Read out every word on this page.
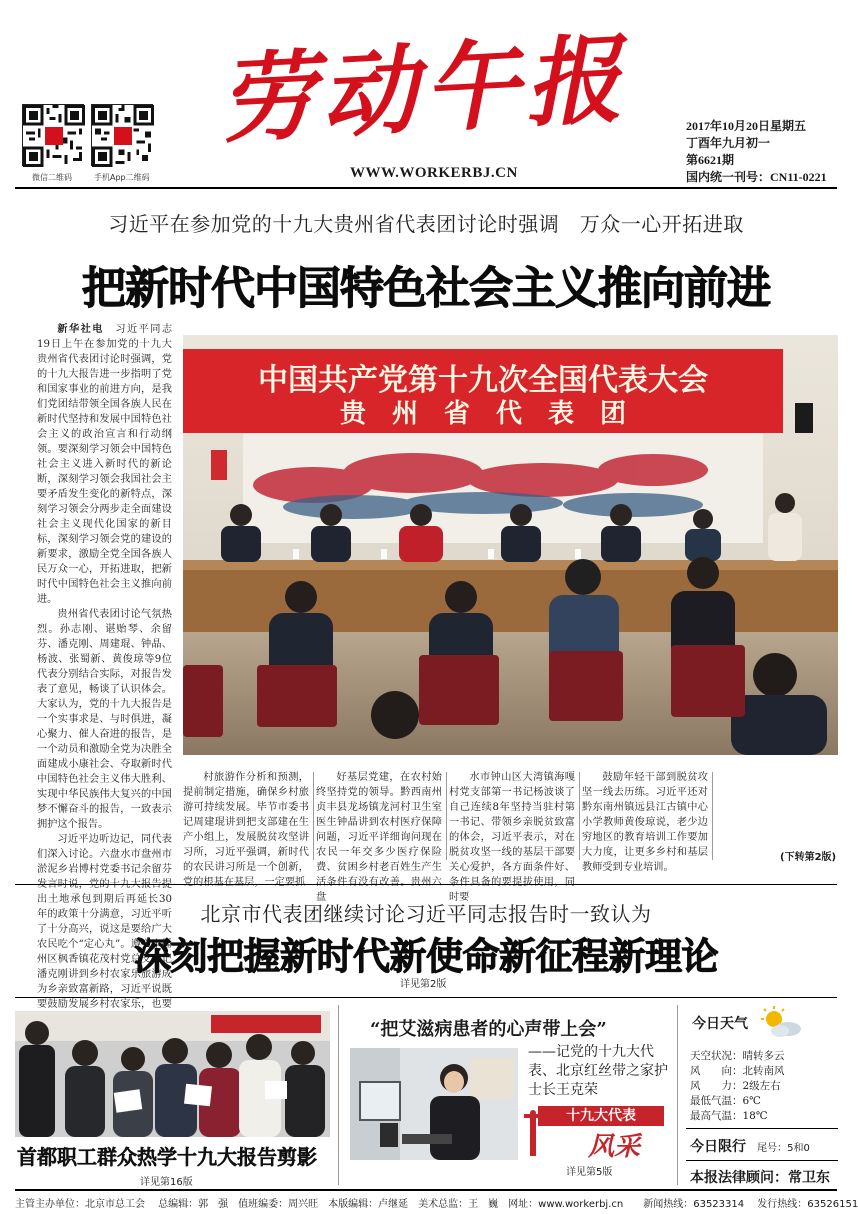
微信二维码	手机App二维码
劳动午报
WWW.WORKERBJ.CN
2017年10月20日星期五
丁酉年九月初一
第6621期
国内统一刊号：CN11-0221
习近平在参加党的十九大贵州省代表团讨论时强调　万众一心开拓进取
把新时代中国特色社会主义推向前进

新华社电　 习近平同志19日上午在参加党的十九大贵州省代表团讨论时强调，党的十九大报告进一步指明了党和国家事业的前进方向，是我们党团结带领全国各族人民在新时代坚持和发展中国特色社会主义的政治宣言和行动纲领。要深刻学习领会中国特色社会主义进入新时代的新论断，深刻学习领会我国社会主要矛盾发生变化的新特点，深刻学习领会分两步走全面建设社会主义现代化国家的新目标，深刻学习领会党的建设的新要求，激励全党全国各族人民万众一心，开拓进取，把新时代中国特色社会主义推向前进。

贵州省代表团讨论气氛热烈。孙志刚、谌贻琴、余留芬、潘克刚、周建琨、钟晶、杨波、张蜀新、黄俊琼等9位代表分别结合实际，对报告发表了意见，畅谈了认识体会。大家认为，党的十九大报告是一个实事求是、与时俱进，凝心聚力、催人奋进的报告，是一个动员和激励全党为决胜全面建成小康社会、夺取新时代中国特色社会主义伟大胜利、实现中华民族伟大复兴的中国梦不懈奋斗的报告，一致表示拥护这个报告。

习近平边听边记，同代表们深入讨论。六盘水市盘州市淤泥乡岩博村党委书记余留芬发言时说，党的十九大报告提出土地承包到期后再延长30年的政策十分满意，习近平听了十分高兴，说这是要给广大农民吃个“定心丸”。遵义市播州区枫香镇花茂村党总支书记潘克刚讲到乡村农家乐旅游成为乡亲致富新路，习近平说既要鼓励发展乡村农家乐，也要

中国共产党第十九次全国代表大会
贵　州　省　代　表　团

村旅游作分析和预测，提前制定措施，确保乡村旅游可持续发展。毕节市委书记周建琨讲到把支部建在生产小组上，发展脱贫攻坚讲习所，习近平强调，新时代的农民讲习所是一个创新，党的根基在基层，一定要抓

好基层党建，在农村始终坚持党的领导。黔西南州贞丰县龙场镇龙河村卫生室医生钟晶讲到农村医疗保障问题，习近平详细询问现在农民一年交多少医疗保险费、贫困乡村老百姓生产生活条件有没有改善。贵州六盘

水市钟山区大湾镇海嘎村党支部第一书记杨波谈了自己连续8年坚持当驻村第一书记、带领乡亲脱贫致富的体会，习近平表示，对在脱贫攻坚一线的基层干部要关心爱护，各方面条件好、条件具备的要提拔使用，同时要

鼓励年轻干部到脱贫攻坚一线去历练。习近平还对黔东南州镇远县江古镇中心小学教师黄俊琼说，老少边穷地区的教育培训工作要加大力度，让更多乡村和基层教师受到专业培训。

(下转第2版)
北京市代表团继续讨论习近平同志报告时一致认为
深刻把握新时代新使命新征程新理论
详见第2版
首都职工群众热学十九大报告剪影
详见第16版
“把艾滋病患者的心声带上会”
——记党的十九大代表、北京红丝带之家护士长王克荣
十九大代表
风采
详见第5版
今日天气
天空状况：晴转多云
风　　向：北转南风
风　　力：2级左右
最低气温：6℃
最高气温：18℃
今日限行 尾号：5和0
本报法律顾问：常卫东
主管主办单位：北京市总工会　 总编辑：郭　强　值班编委：周兴旺　本版编辑：卢继延　美术总监：王　巍　网址：www.workerbj.cn　　新闻热线：63523314　 发行热线：63526151
